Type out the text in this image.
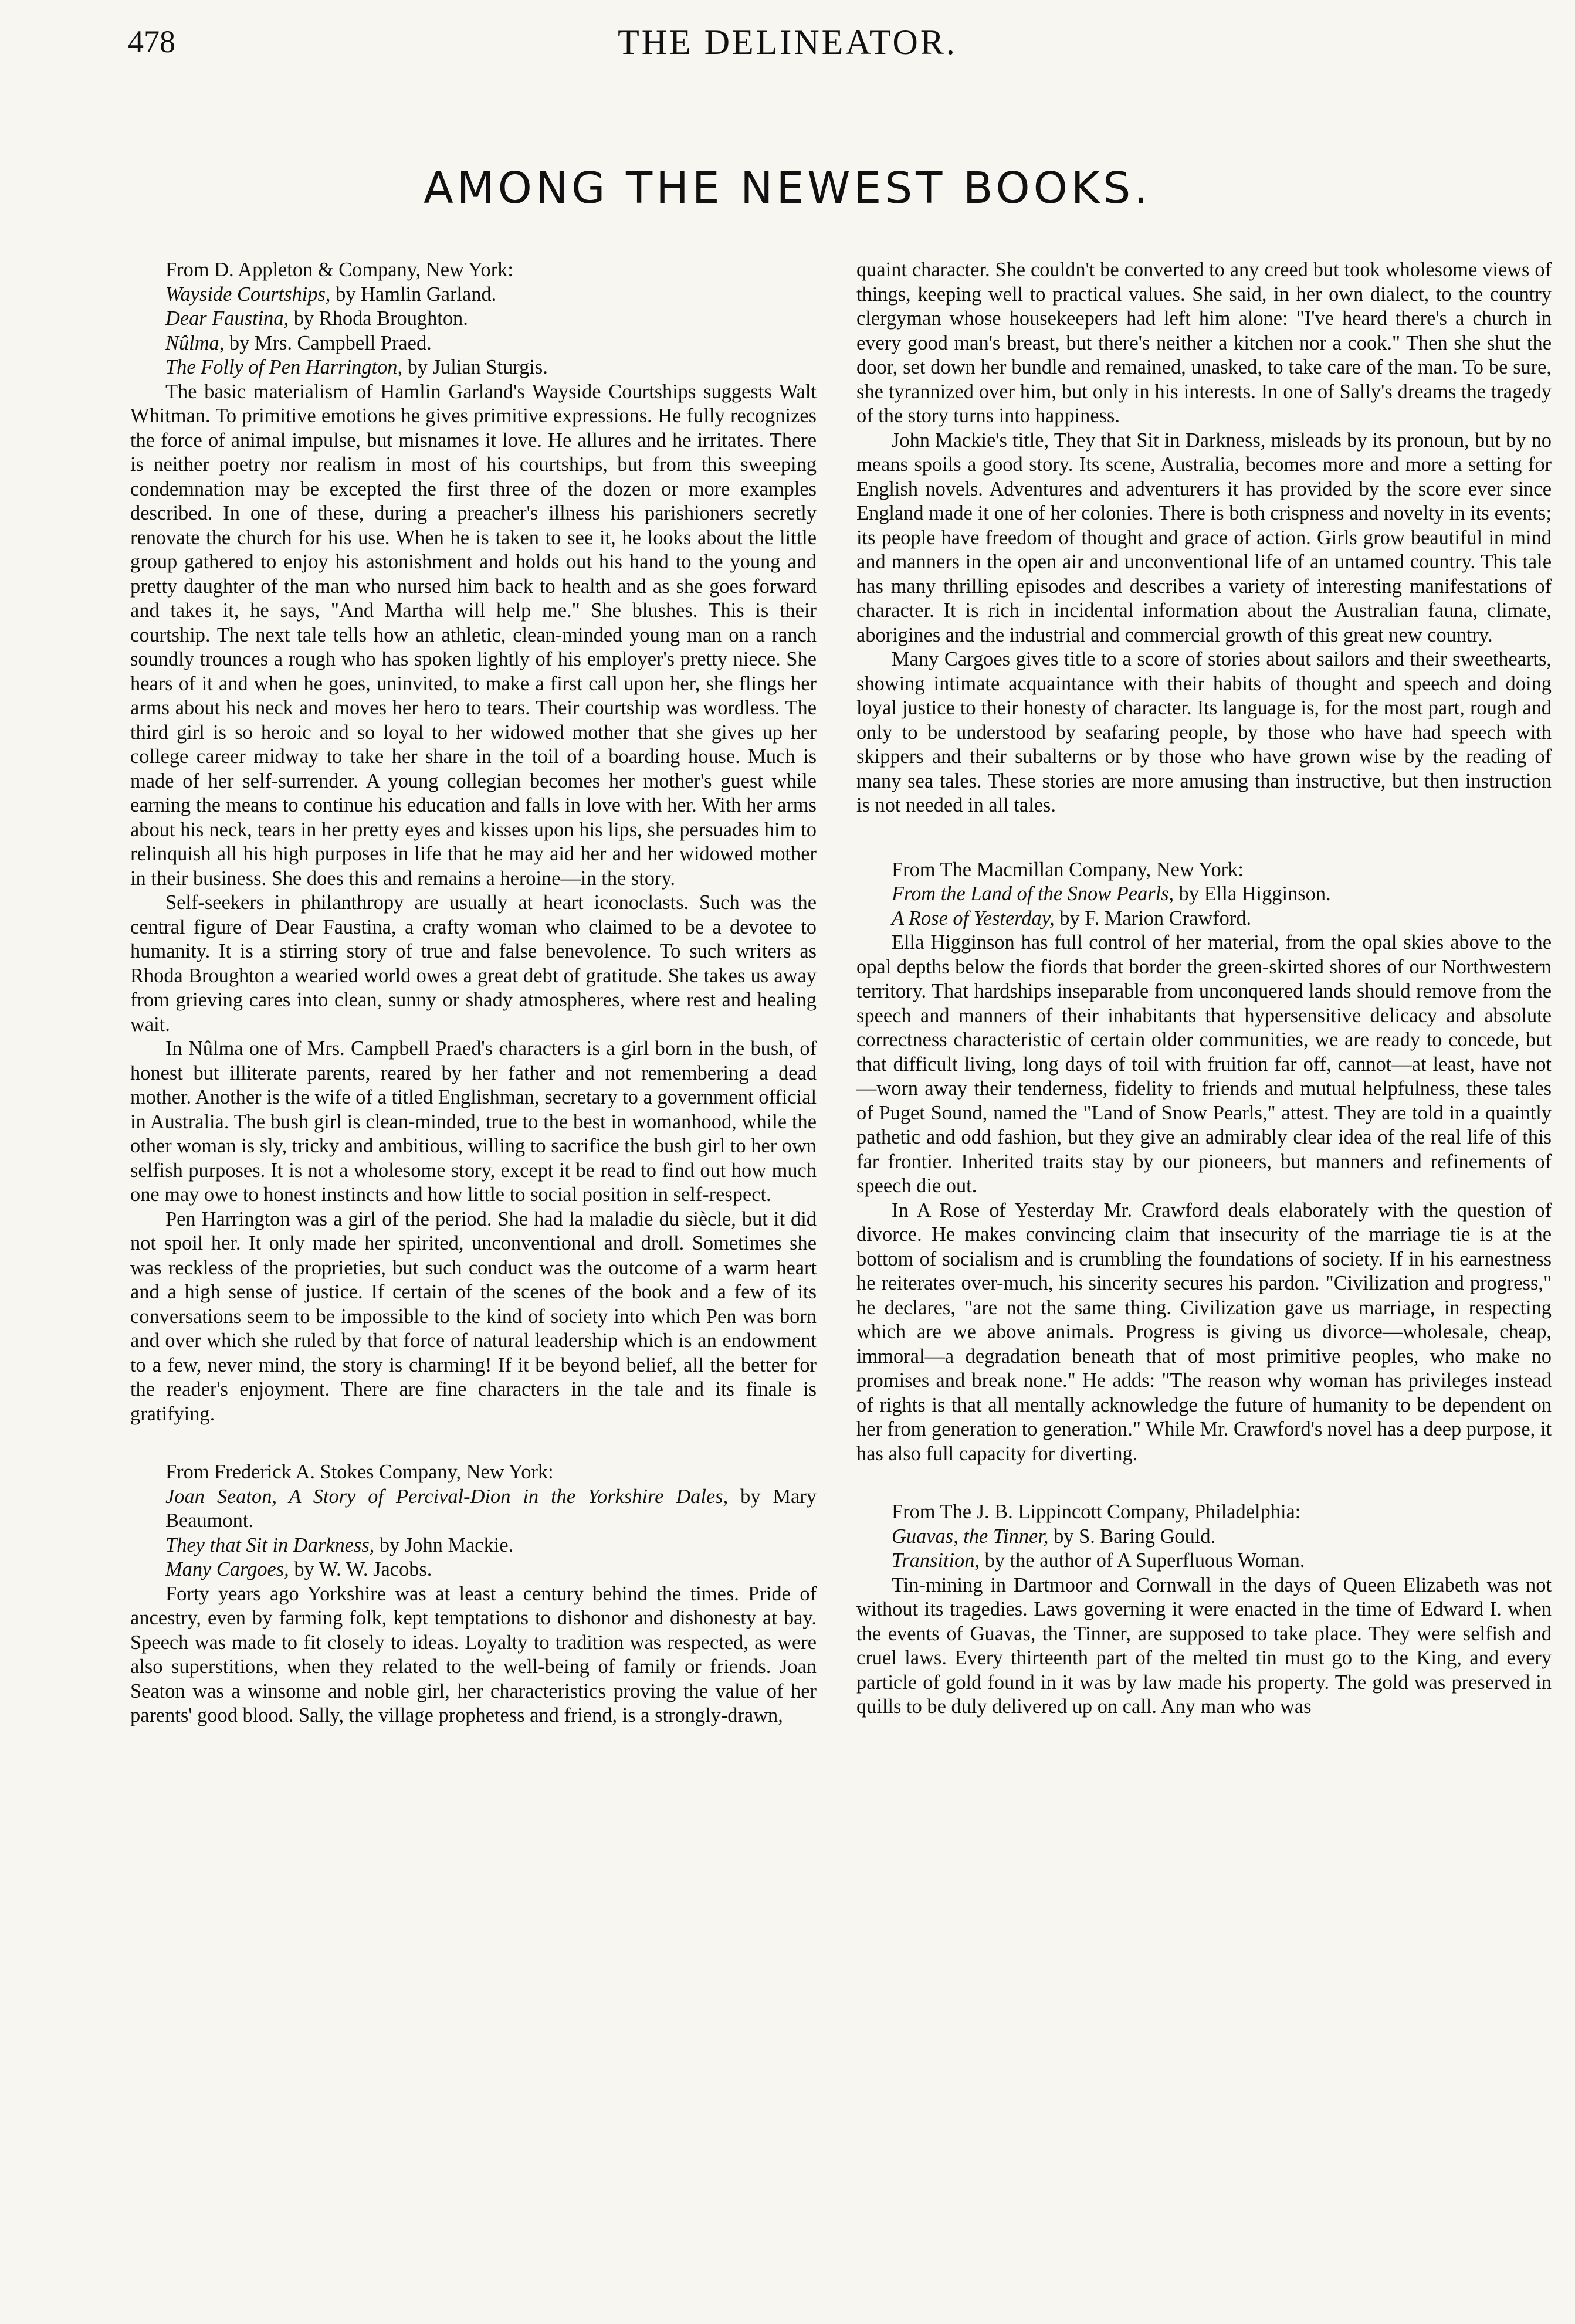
478	THE DELINEATOR.
AMONG THE NEWEST BOOKS.

From D. Appleton & Company, New York:

Wayside Courtships, by Hamlin Garland.
Dear Faustina, by Rhoda Broughton.
Nûlma, by Mrs. Campbell Praed.
The Folly of Pen Harrington, by Julian Sturgis.

The basic materialism of Hamlin Garland's Wayside Courtships suggests Walt Whitman. To primitive emotions he gives primitive expressions. He fully recognizes the force of animal impulse, but misnames it love. He allures and he irritates. There is neither poetry nor realism in most of his courtships, but from this sweeping condemnation may be excepted the first three of the dozen or more examples described. In one of these, during a preacher's illness his parishioners secretly renovate the church for his use. When he is taken to see it, he looks about the little group gathered to enjoy his astonishment and holds out his hand to the young and pretty daughter of the man who nursed him back to health and as she goes forward and takes it, he says, "And Martha will help me." She blushes. This is their courtship. The next tale tells how an athletic, clean-minded young man on a ranch soundly trounces a rough who has spoken lightly of his employer's pretty niece. She hears of it and when he goes, uninvited, to make a first call upon her, she flings her arms about his neck and moves her hero to tears. Their courtship was wordless. The third girl is so heroic and so loyal to her widowed mother that she gives up her college career midway to take her share in the toil of a boarding house. Much is made of her self-surrender. A young collegian becomes her mother's guest while earning the means to continue his education and falls in love with her. With her arms about his neck, tears in her pretty eyes and kisses upon his lips, she persuades him to relinquish all his high purposes in life that he may aid her and her widowed mother in their business. She does this and remains a heroine—in the story.

Self-seekers in philanthropy are usually at heart iconoclasts. Such was the central figure of Dear Faustina, a crafty woman who claimed to be a devotee to humanity. It is a stirring story of true and false benevolence. To such writers as Rhoda Broughton a wearied world owes a great debt of gratitude. She takes us away from grieving cares into clean, sunny or shady atmospheres, where rest and healing wait.

In Nûlma one of Mrs. Campbell Praed's characters is a girl born in the bush, of honest but illiterate parents, reared by her father and not remembering a dead mother. Another is the wife of a titled Englishman, secretary to a government official in Australia. The bush girl is clean-minded, true to the best in womanhood, while the other woman is sly, tricky and ambitious, willing to sacrifice the bush girl to her own selfish purposes. It is not a wholesome story, except it be read to find out how much one may owe to honest instincts and how little to social position in self-respect.

Pen Harrington was a girl of the period. She had la maladie du siècle, but it did not spoil her. It only made her spirited, unconventional and droll. Sometimes she was reckless of the proprieties, but such conduct was the outcome of a warm heart and a high sense of justice. If certain of the scenes of the book and a few of its conversations seem to be impossible to the kind of society into which Pen was born and over which she ruled by that force of natural leadership which is an endowment to a few, never mind, the story is charming! If it be beyond belief, all the better for the reader's enjoyment. There are fine characters in the tale and its finale is gratifying.

From Frederick A. Stokes Company, New York:

Joan Seaton, A Story of Percival-Dion in the Yorkshire Dales, by Mary Beaumont.
They that Sit in Darkness, by John Mackie.
Many Cargoes, by W. W. Jacobs.

Forty years ago Yorkshire was at least a century behind the times. Pride of ancestry, even by farming folk, kept temptations to dishonor and dishonesty at bay. Speech was made to fit closely to ideas. Loyalty to tradition was respected, as were also superstitions, when they related to the well-being of family or friends. Joan Seaton was a winsome and noble girl, her characteristics proving the value of her parents' good blood. Sally, the village prophetess and friend, is a strongly-drawn,

quaint character. She couldn't be converted to any creed but took wholesome views of things, keeping well to practical values. She said, in her own dialect, to the country clergyman whose housekeepers had left him alone: "I've heard there's a church in every good man's breast, but there's neither a kitchen nor a cook." Then she shut the door, set down her bundle and remained, unasked, to take care of the man. To be sure, she tyrannized over him, but only in his interests. In one of Sally's dreams the tragedy of the story turns into happiness.

John Mackie's title, They that Sit in Darkness, misleads by its pronoun, but by no means spoils a good story. Its scene, Australia, becomes more and more a setting for English novels. Adventures and adventurers it has provided by the score ever since England made it one of her colonies. There is both crispness and novelty in its events; its people have freedom of thought and grace of action. Girls grow beautiful in mind and manners in the open air and unconventional life of an untamed country. This tale has many thrilling episodes and describes a variety of interesting manifestations of character. It is rich in incidental information about the Australian fauna, climate, aborigines and the industrial and commercial growth of this great new country.

Many Cargoes gives title to a score of stories about sailors and their sweethearts, showing intimate acquaintance with their habits of thought and speech and doing loyal justice to their honesty of character. Its language is, for the most part, rough and only to be understood by seafaring people, by those who have had speech with skippers and their subalterns or by those who have grown wise by the reading of many sea tales. These stories are more amusing than instructive, but then instruction is not needed in all tales.

From The Macmillan Company, New York:

From the Land of the Snow Pearls, by Ella Higginson.
A Rose of Yesterday, by F. Marion Crawford.

Ella Higginson has full control of her material, from the opal skies above to the opal depths below the fiords that border the green-skirted shores of our Northwestern territory. That hardships inseparable from unconquered lands should remove from the speech and manners of their inhabitants that hypersensitive delicacy and absolute correctness characteristic of certain older communities, we are ready to concede, but that difficult living, long days of toil with fruition far off, cannot—at least, have not—worn away their tenderness, fidelity to friends and mutual helpfulness, these tales of Puget Sound, named the "Land of Snow Pearls," attest. They are told in a quaintly pathetic and odd fashion, but they give an admirably clear idea of the real life of this far frontier. Inherited traits stay by our pioneers, but manners and refinements of speech die out.

In A Rose of Yesterday Mr. Crawford deals elaborately with the question of divorce. He makes convincing claim that insecurity of the marriage tie is at the bottom of socialism and is crumbling the foundations of society. If in his earnestness he reiterates over-much, his sincerity secures his pardon. "Civilization and progress," he declares, "are not the same thing. Civilization gave us marriage, in respecting which are we above animals. Progress is giving us divorce—wholesale, cheap, immoral—a degradation beneath that of most primitive peoples, who make no promises and break none." He adds: "The reason why woman has privileges instead of rights is that all mentally acknowledge the future of humanity to be dependent on her from generation to generation." While Mr. Crawford's novel has a deep purpose, it has also full capacity for diverting.

From The J. B. Lippincott Company, Philadelphia:

Guavas, the Tinner, by S. Baring Gould.
Transition, by the author of A Superfluous Woman.

Tin-mining in Dartmoor and Cornwall in the days of Queen Elizabeth was not without its tragedies. Laws governing it were enacted in the time of Edward I. when the events of Guavas, the Tinner, are supposed to take place. They were selfish and cruel laws. Every thirteenth part of the melted tin must go to the King, and every particle of gold found in it was by law made his property. The gold was preserved in quills to be duly delivered up on call. Any man who was
